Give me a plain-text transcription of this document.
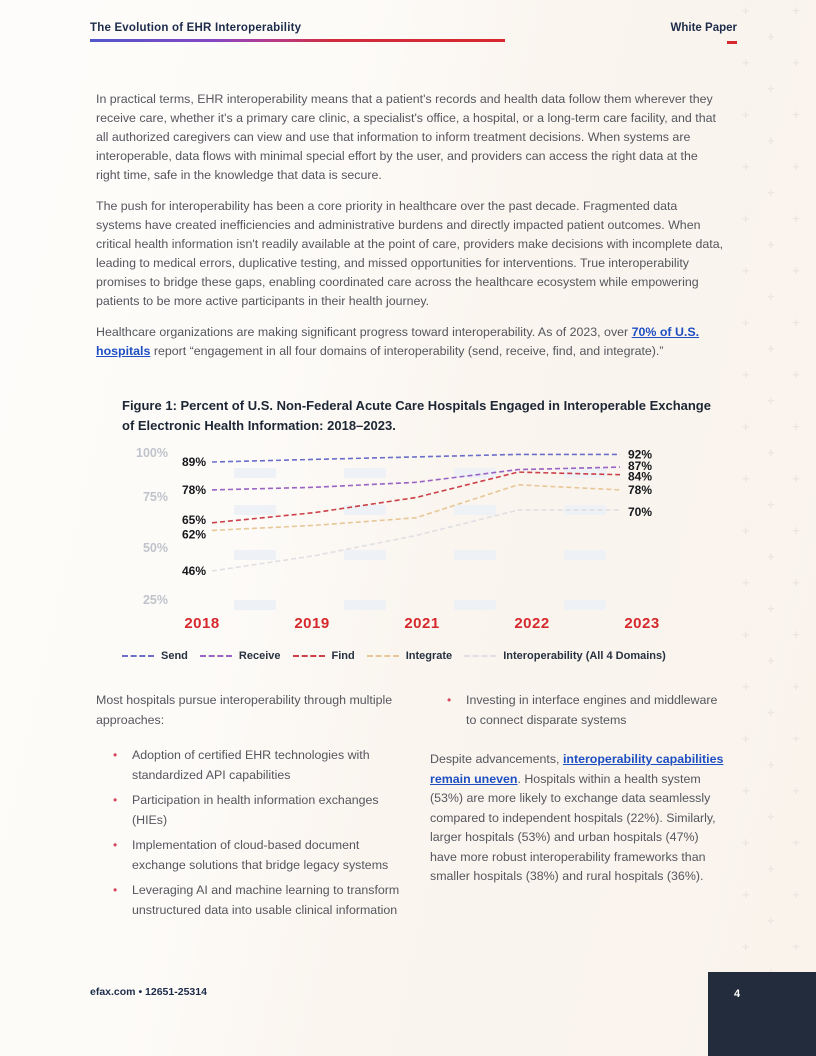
+	+
+
+	+
+
+	+
+
+	+
+
+	+
+
+	+
+
+	+
+
+	+
+
+	+
+
+	+
+
+	+
+
+	+
+
+	+
+
+	+
+
+	+
+
+	+
+
+	+
+
+	+
+
+	+
The Evolution of EHR Interoperability	White Paper

In practical terms, EHR interoperability means that a patient's records and health data follow them wherever they receive care, whether it's a primary care clinic, a specialist's office, a hospital, or a long-term care facility, and that all authorized caregivers can view and use that information to inform treatment decisions. When systems are interoperable, data flows with minimal special effort by the user, and providers can access the right data at the right time, safe in the knowledge that data is secure.

The push for interoperability has been a core priority in healthcare over the past decade. Fragmented data systems have created inefficiencies and administrative burdens and directly impacted patient outcomes. When critical health information isn't readily available at the point of care, providers make decisions with incomplete data, leading to medical errors, duplicative testing, and missed opportunities for interventions. True interoperability promises to bridge these gaps, enabling coordinated care across the healthcare ecosystem while empowering patients to be more active participants in their health journey.

Healthcare organizations are making significant progress toward interoperability. As of 2023, over 70% of U.S. hospitals report “engagement in all four domains of interoperability (send, receive, find, and integrate).”

Figure 1: Percent of U.S. Non-Federal Acute Care Hospitals Engaged in Interoperable Exchange of Electronic Health Information: 2018–2023.

100%
75%
50%
25%
2018	2019	2021	2022	2023
89%
92%
78%
87%
65%
84%
62%
78%
46%
70%
Send	Receive	Find	Integrate	Interoperability (All 4 Domains)

Most hospitals pursue interoperability through multiple approaches:

• Adoption of certified EHR technologies with standardized API capabilities
• Participation in health information exchanges (HIEs)
• Implementation of cloud-based document exchange solutions that bridge legacy systems
• Leveraging AI and machine learning to transform unstructured data into usable clinical information
• Investing in interface engines and middleware to connect disparate systems

Despite advancements, interoperability capabilities remain uneven. Hospitals within a health system (53%) are more likely to exchange data seamlessly compared to independent hospitals (22%). Similarly, larger hospitals (53%) and urban hospitals (47%) have more robust interoperability frameworks than smaller hospitals (38%) and rural hospitals (36%).

efax.com • 12651-25314	4
